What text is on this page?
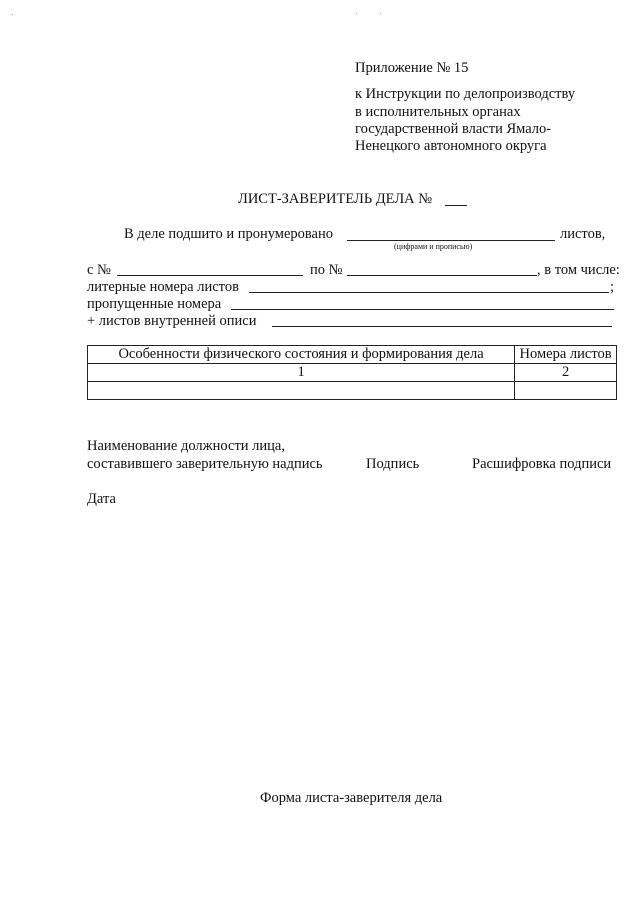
Приложение № 15
к Инструкции по делопроизводству
в исполнительных органах
государственной власти Ямало-
Ненецкого автономного округа
ЛИСТ-ЗАВЕРИТЕЛЬ ДЕЛА №
В деле подшито и пронумеровано	листов,
(цифрами и прописью)
с №	по №	, в том числе:
литерные номера листов	;
пропущенные номера
+ листов внутренней описи
Особенности физического состояния и формирования дела	Номера листов
1	2

Наименование должности лица,
составившего заверительную надпись	Подпись	Расшифровка подписи
Дата
Форма листа-заверителя дела
